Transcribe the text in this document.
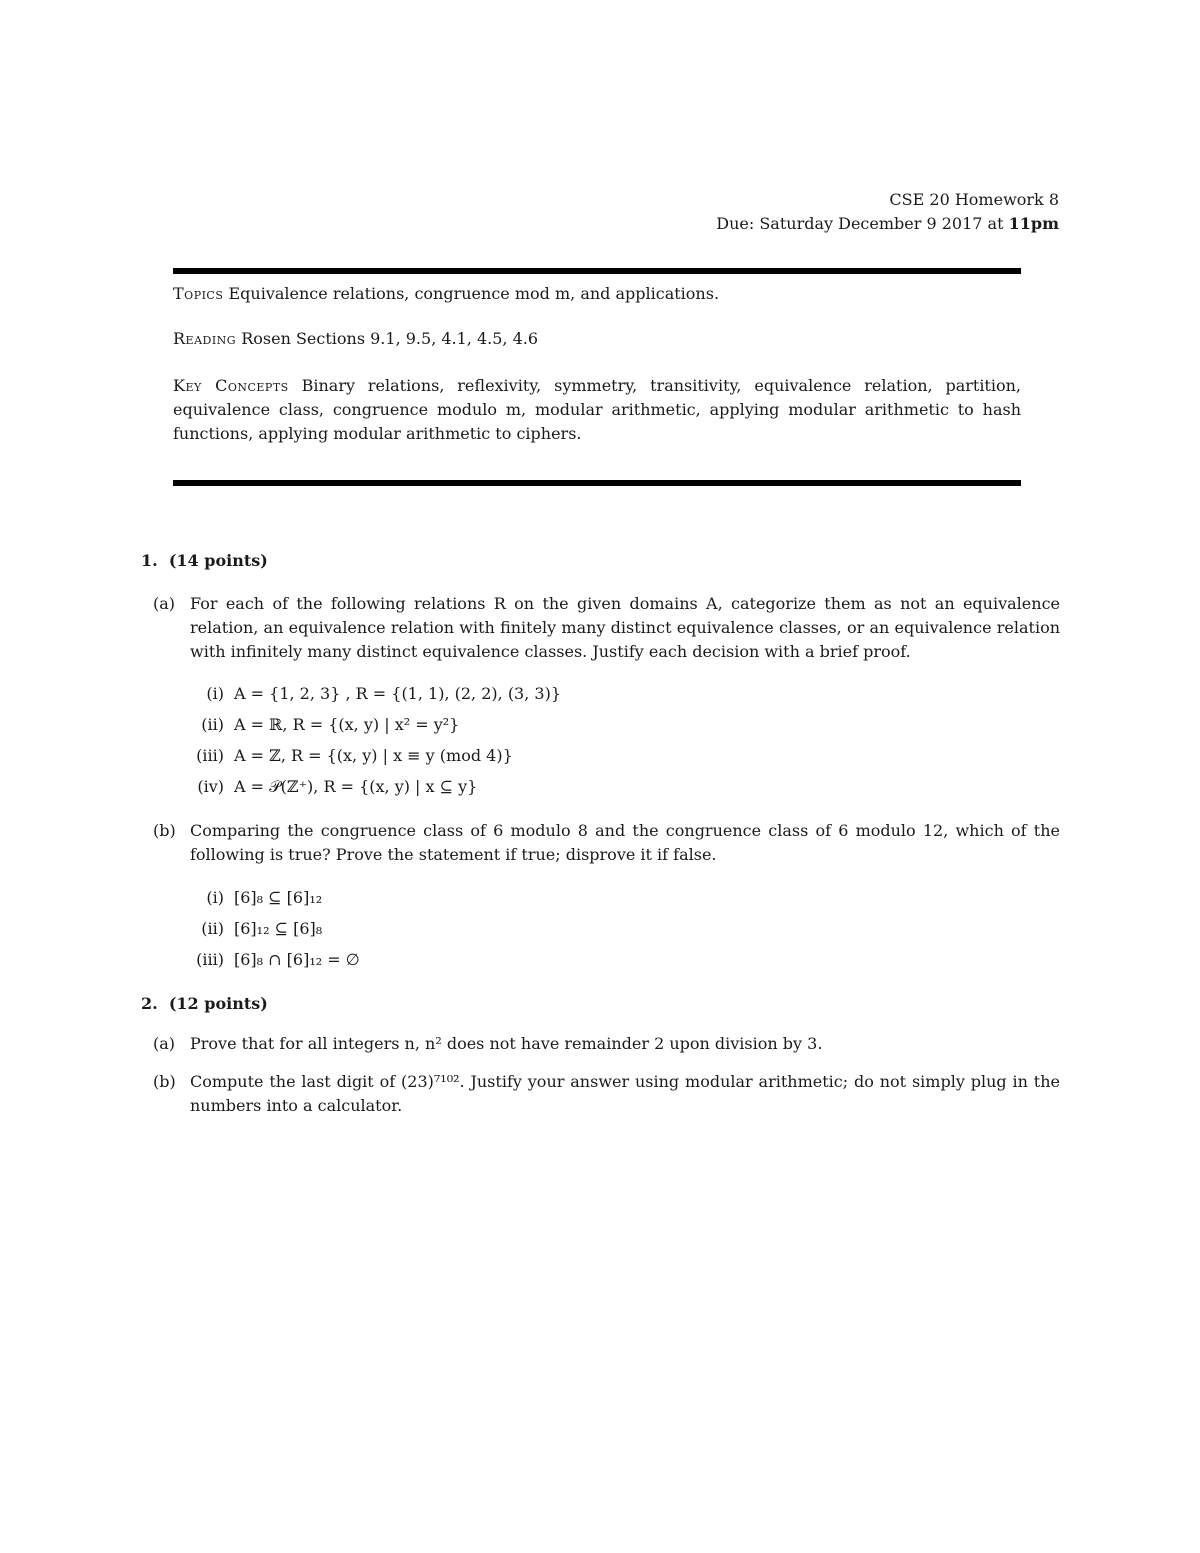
CSE 20 Homework 8
Due: Saturday December 9 2017 at 11pm

Topics Equivalence relations, congruence mod m, and applications.

Reading Rosen Sections 9.1, 9.5, 4.1, 4.5, 4.6

Key Concepts Binary relations, reflexivity, symmetry, transitivity, equivalence relation, partition, equivalence class, congruence modulo m, modular arithmetic, applying modular arithmetic to hash functions, applying modular arithmetic to ciphers.

1. (14 points)
(a) For each of the following relations R on the given domains A, categorize them as not an equivalence relation, an equivalence relation with finitely many distinct equivalence classes, or an equivalence relation with infinitely many distinct equivalence classes. Justify each decision with a brief proof.
(i) A = {1, 2, 3} , R = {(1, 1), (2, 2), (3, 3)}
(ii) A = ℝ, R = {(x, y) | x² = y²}
(iii) A = ℤ, R = {(x, y) | x ≡ y (mod 4)}
(iv) A = 𝒫(ℤ⁺), R = {(x, y) | x ⊆ y}
(b) Comparing the congruence class of 6 modulo 8 and the congruence class of 6 modulo 12, which of the following is true? Prove the statement if true; disprove it if false.
(i) [6]₈ ⊆ [6]₁₂
(ii) [6]₁₂ ⊆ [6]₈
(iii) [6]₈ ∩ [6]₁₂ = ∅
2. (12 points)
(a) Prove that for all integers n, n² does not have remainder 2 upon division by 3.
(b) Compute the last digit of (23)⁷¹⁰². Justify your answer using modular arithmetic; do not simply plug in the numbers into a calculator.
